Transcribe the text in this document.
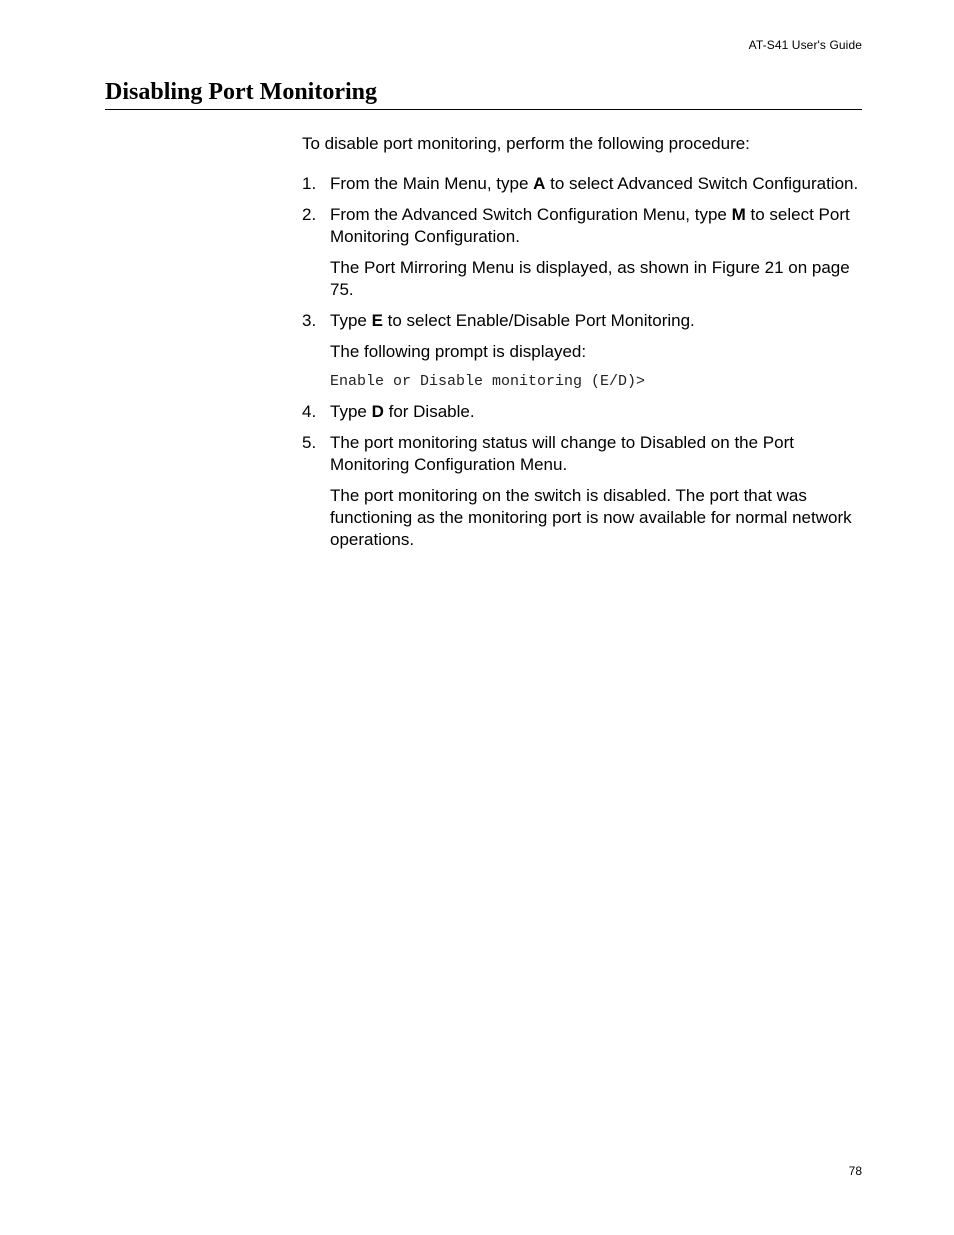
AT-S41 User's Guide
Disabling Port Monitoring

To disable port monitoring, perform the following procedure:

1. From the Main Menu, type A to select Advanced Switch Configuration.

2. From the Advanced Switch Configuration Menu, type M to select Port Monitoring Configuration.

The Port Mirroring Menu is displayed, as shown in Figure 21 on page 75.

3. Type E to select Enable/Disable Port Monitoring.

The following prompt is displayed:

Enable or Disable monitoring (E/D)>
4. Type D for Disable.

5. The port monitoring status will change to Disabled on the Port Monitoring Configuration Menu.

The port monitoring on the switch is disabled. The port that was functioning as the monitoring port is now available for normal network operations.

78
